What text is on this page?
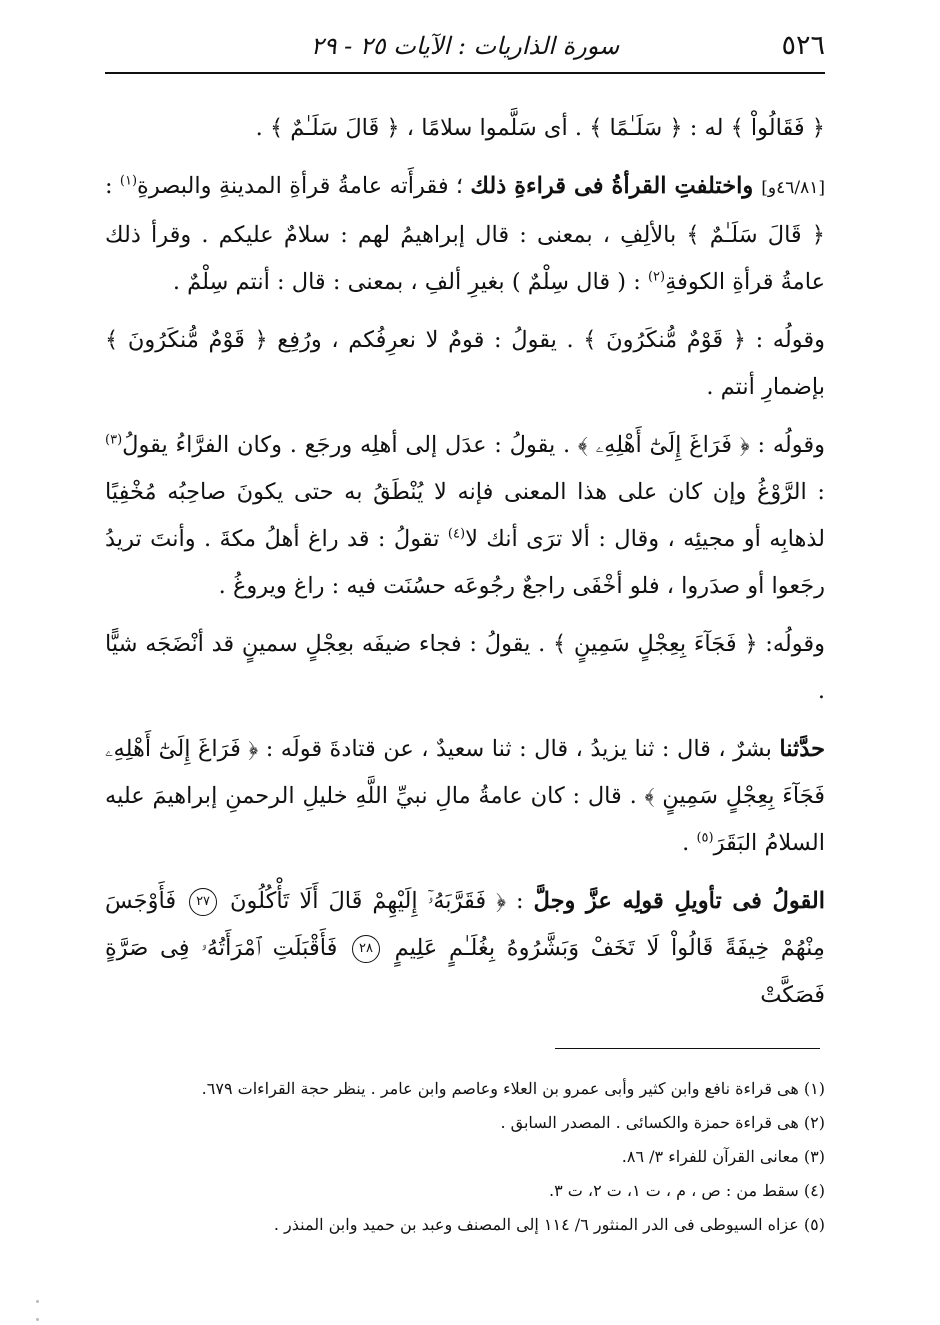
٥٢٦
سورة الذاريات : الآيات ٢٥ - ٢٩

﴿ فَقَالُواْ ﴾ له : ﴿ سَلَـٰمًا ﴾ . أى سَلَّموا سلامًا ، ﴿ قَالَ سَلَـٰمٌ ﴾ .

[٤٦/٨١و] واختلفتِ القرأةُ فى قراءةِ ذلك ؛ فقرأَته عامةُ قرأةِ المدينةِ والبصرةِ$^{(١)}$ : ﴿ قَالَ سَلَـٰمٌ ﴾ بالألِفِ ، بمعنى : قال إبراهيمُ لهم : سلامٌ عليكم . وقرأ ذلك عامةُ قرأةِ الكوفةِ$^{(٢)}$ : ( قال سِلْمٌ ) بغيرِ ألفِ ، بمعنى : قال : أنتم سِلْمٌ .

وقولُه : ﴿ قَوْمٌ مُّنكَرُونَ ﴾ . يقولُ : قومٌ لا نعرِفُكم ، ورُفِع ﴿ قَوْمٌ مُّنكَرُونَ ﴾ بإضمارِ أنتم .

وقولُه : ﴿ فَرَاغَ إِلَىٰٓ أَهْلِهِۦ ﴾ . يقولُ : عدَل إلى أهلِه ورجَع . وكان الفرَّاءُ يقولُ$^{(٣)}$ : الرَّوْغُ وإن كان على هذا المعنى فإنه لا يُنْطَقُ به حتى يكونَ صاحِبُه مُخْفِيًا لذهابِه أو مجيئِه ، وقال : ألا ترَى أنك لا$^{(٤)}$ تقولُ : قد راغ أهلُ مكةَ . وأنتَ تريدُ رجَعوا أو صدَروا ، فلو أخْفَى راجعٌ رجُوعَه حسُنَت فيه : راغ ويروغُ .

وقولُه: ﴿ فَجَآءَ بِعِجْلٍ سَمِينٍ ﴾ . يقولُ : فجاء ضيفَه بعِجْلٍ سمينٍ قد أنْضَجَه شيًّا .

حدَّثنا بشرٌ ، قال : ثنا يزيدُ ، قال : ثنا سعيدٌ ، عن قتادةَ قولَه : ﴿ فَرَاغَ إِلَىٰٓ أَهْلِهِۦ فَجَآءَ بِعِجْلٍ سَمِينٍ ﴾ . قال : كان عامةُ مالِ نبيِّ اللَّهِ خليلِ الرحمنِ إبراهيمَ عليه السلامُ البَقَرَ$^{(٥)}$ .

القولُ فى تأويلِ قولِه عزَّ وجلَّ : ﴿ فَقَرَّبَهُۥٓ إِلَيْهِمْ قَالَ أَلَا تَأْكُلُونَ ٢٧ فَأَوْجَسَ مِنْهُمْ خِيفَةً قَالُواْ لَا تَخَفْ وَبَشَّرُوهُ بِغُلَـٰمٍ عَلِيمٍ ٢٨ فَأَقْبَلَتِ ٱمْرَأَتُهُۥ فِى صَرَّةٍ فَصَكَّتْ

(١) هى قراءة نافع وابن كثير وأبى عمرو بن العلاء وعاصم وابن عامر . ينظر حجة القراءات ٦٧٩.
(٢) هى قراءة حمزة والكسائى . المصدر السابق .
(٣) معانى القرآن للفراء ٣/ ٨٦.
(٤) سقط من : ص ، م ، ت ١، ت ٢، ت ٣.
(٥) عزاه السيوطى فى الدر المنثور ٦/ ١١٤ إلى المصنف وعبد بن حميد وابن المنذر .
